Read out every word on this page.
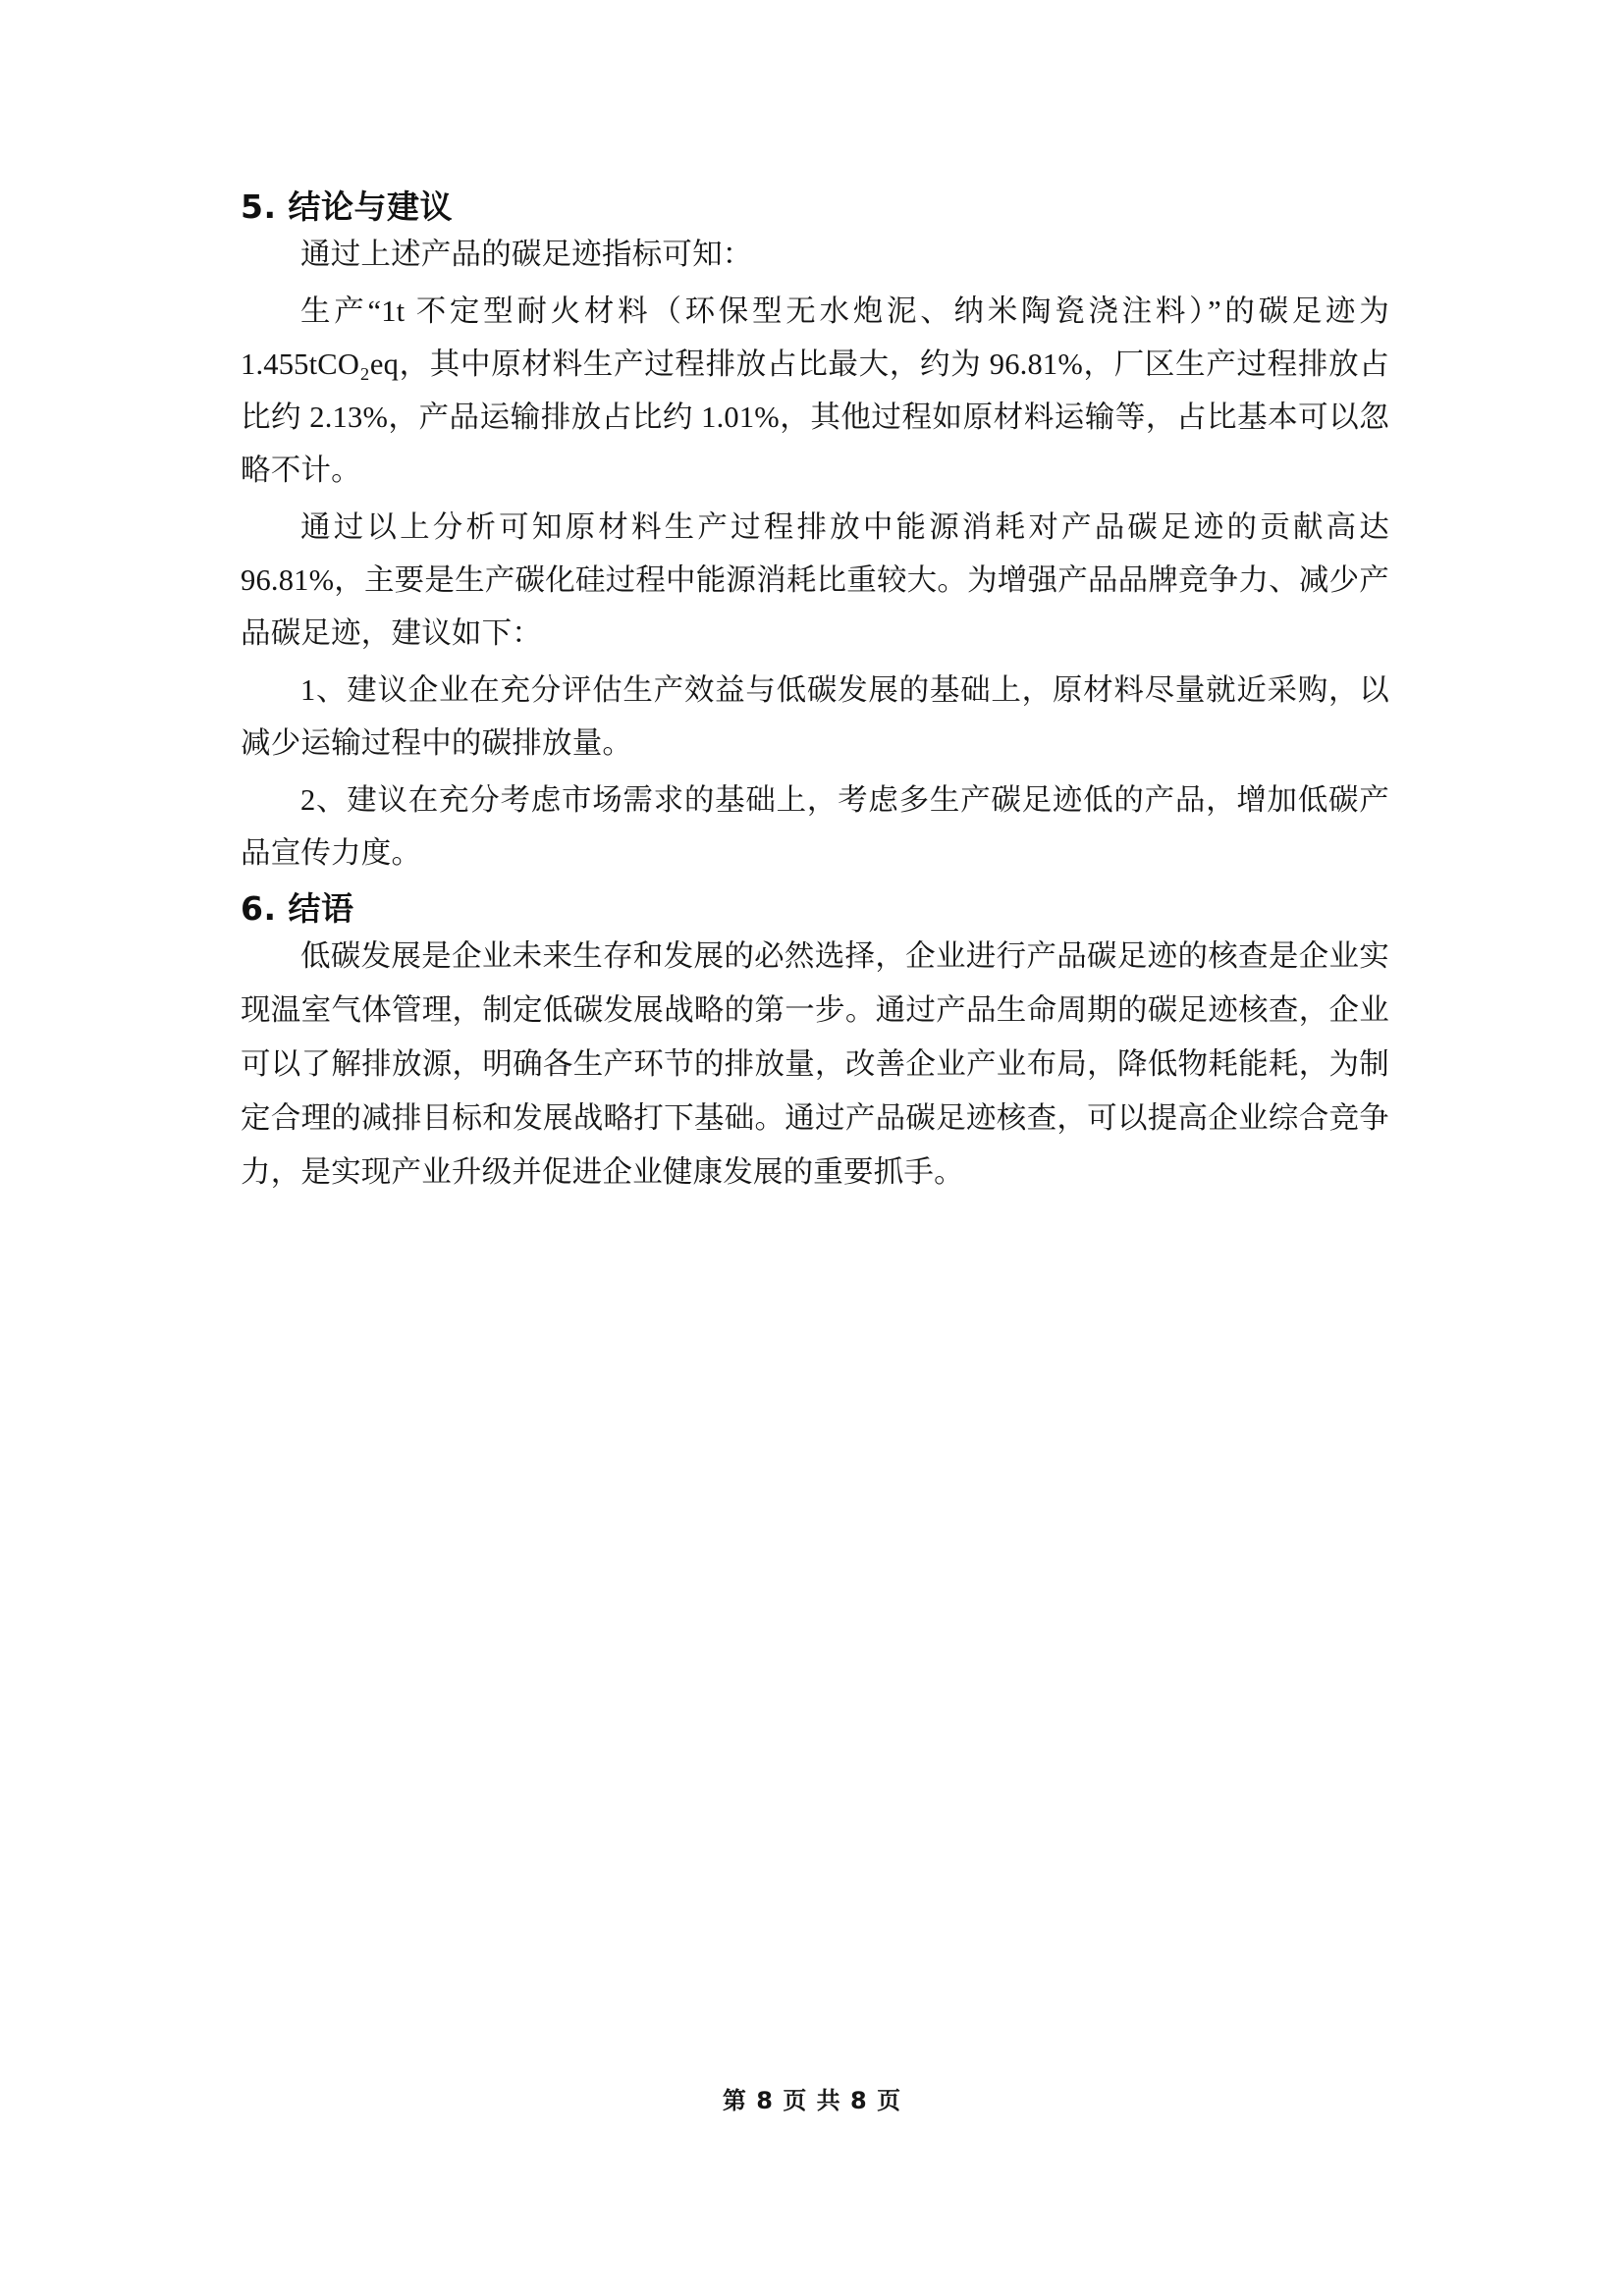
5. 结论与建议

通过上述产品的碳足迹指标可知：

生产“1t 不定型耐火材料（环保型无水炮泥、纳米陶瓷浇注料）”的碳足迹为 1.455tCO₂eq，其中原材料生产过程排放占比最大，约为 96.81%，厂区生产过程排放占比约 2.13%，产品运输排放占比约 1.01%，其他过程如原材料运输等，占比基本可以忽略不计。

通过以上分析可知原材料生产过程排放中能源消耗对产品碳足迹的贡献高达 96.81%，主要是生产碳化硅过程中能源消耗比重较大。为增强产品品牌竞争力、减少产品碳足迹，建议如下：

1、建议企业在充分评估生产效益与低碳发展的基础上，原材料尽量就近采购，以减少运输过程中的碳排放量。

2、建议在充分考虑市场需求的基础上，考虑多生产碳足迹低的产品，增加低碳产品宣传力度。

6. 结语

低碳发展是企业未来生存和发展的必然选择，企业进行产品碳足迹的核查是企业实现温室气体管理，制定低碳发展战略的第一步。通过产品生命周期的碳足迹核查，企业可以了解排放源，明确各生产环节的排放量，改善企业产业布局，降低物耗能耗，为制定合理的减排目标和发展战略打下基础。通过产品碳足迹核查，可以提高企业综合竞争力，是实现产业升级并促进企业健康发展的重要抓手。

第 8 页 共 8 页
